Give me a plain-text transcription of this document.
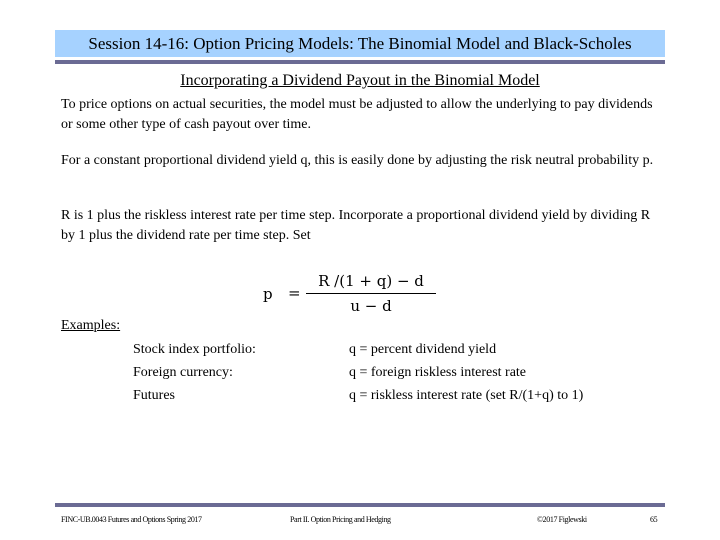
Session 14-16: Option Pricing Models: The Binomial Model and Black-Scholes
Incorporating a Dividend Payout in the Binomial Model
To price options on actual securities, the model must be adjusted to allow the underlying to pay dividends or some other type of cash payout over time.
For a constant proportional dividend yield q, this is easily done by adjusting the risk neutral probability p.
R is 1 plus the riskless interest rate per time step. Incorporate a proportional dividend yield by dividing R by 1 plus the dividend rate per time step. Set
p =
R /(1 + q) − d
u − d
Examples:
Stock index portfolio:	q = percent dividend yield
Foreign currency:	q = foreign riskless interest rate
Futures	q = riskless interest rate (set R/(1+q) to 1)
FINC-UB.0043 Futures and Options Spring 2017	Part II. Option Pricing and Hedging	©2017 Figlewski	65
